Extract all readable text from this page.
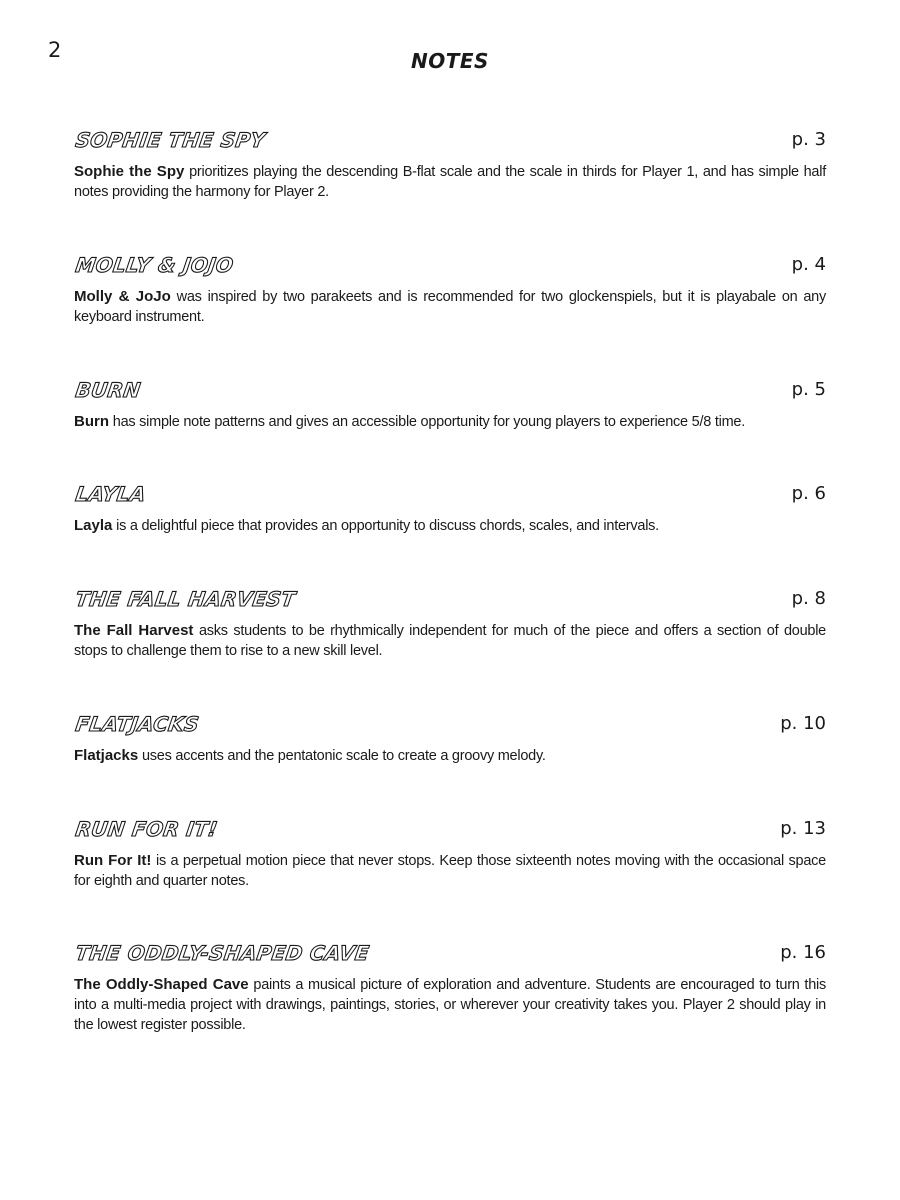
2	NOTES
SOPHIE THE SPY	p. 3

Sophie the Spy prioritizes playing the descending B-flat scale and the scale in thirds for Player 1, and has simple half notes providing the harmony for Player 2.

MOLLY & JOJO	p. 4

Molly & JoJo was inspired by two parakeets and is recommended for two glockenspiels, but it is playabale on any keyboard instrument.

BURN	p. 5

Burn has simple note patterns and gives an accessible opportunity for young players to experience 5/8 time.

LAYLA	p. 6

Layla is a delightful piece that provides an opportunity to discuss chords, scales, and intervals.

THE FALL HARVEST	p. 8

The Fall Harvest asks students to be rhythmically independent for much of the piece and offers a section of double stops to challenge them to rise to a new skill level.

FLATJACKS	p. 10

Flatjacks uses accents and the pentatonic scale to create a groovy melody.

RUN FOR IT!	p. 13

Run For It! is a perpetual motion piece that never stops. Keep those sixteenth notes moving with the occasional space for eighth and quarter notes.

THE ODDLY-SHAPED CAVE	p. 16

The Oddly-Shaped Cave paints a musical picture of exploration and adventure. Students are encouraged to turn this into a multi-media project with drawings, paintings, stories, or wherever your creativity takes you. Player 2 should play in the lowest register possible.
